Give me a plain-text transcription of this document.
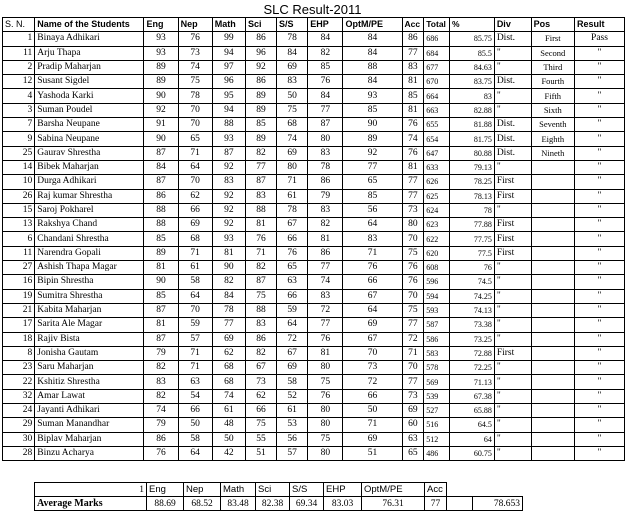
SLC Result-2011
S. N.	Name of the Students	Eng	Nep	Math	Sci	S/S	EHP	OptM/PE	Acc	Total	%	Div	Pos	Result
1	Binaya Adhikari	93	76	99	86	78	84	84	86	686	85.75	Dist.	First	Pass
11	Arju Thapa	93	73	94	96	84	82	84	77	684	85.5	"	Second	"
2	Pradip Maharjan	89	74	97	92	69	85	88	83	677	84.63	"	Third	"
12	Susant Sigdel	89	75	96	86	83	76	84	81	670	83.75	Dist.	Fourth	"
4	Yashoda Karki	90	78	95	89	50	84	93	85	664	83	"	Fifth	"
3	Suman Poudel	92	70	94	89	75	77	85	81	663	82.88	"	Sixth	"
7	Barsha Neupane	91	70	88	85	68	87	90	76	655	81.88	Dist.	Seventh	"
9	Sabina Neupane	90	65	93	89	74	80	89	74	654	81.75	Dist.	Eighth	"
25	Gaurav Shrestha	87	71	87	82	69	83	92	76	647	80.88	Dist.	Nineth	"
14	Bibek Maharjan	84	64	92	77	80	78	77	81	633	79.13	"		"
10	Durga Adhikari	87	70	83	87	71	86	65	77	626	78.25	First		"
26	Raj kumar Shrestha	86	62	92	83	61	79	85	77	625	78.13	First		"
15	Saroj Pokharel	88	66	92	88	78	83	56	73	624	78	"		"
13	Rakshya Chand	88	69	92	81	67	82	64	80	623	77.88	First		"
6	Chandani Shrestha	85	68	93	76	66	81	83	70	622	77.75	First		"
11	Narendra Gopali	89	71	81	71	76	86	71	75	620	77.5	First		"
27	Ashish Thapa Magar	81	61	90	82	65	77	76	76	608	76	"		"
16	Bipin Shrestha	90	58	82	87	63	74	66	76	596	74.5	"		"
19	Sumitra Shrestha	85	64	84	75	66	83	67	70	594	74.25	"		"
21	Kabita Maharjan	87	70	78	88	59	72	64	75	593	74.13	"		"
17	Sarita Ale Magar	81	59	77	83	64	77	69	77	587	73.38	"		"
18	Rajiv Bista	87	57	69	86	72	76	67	72	586	73.25	"		"
8	Jonisha Gautam	79	71	62	82	67	81	70	71	583	72.88	First		"
23	Saru Maharjan	82	71	68	67	69	80	73	70	578	72.25	"		"
22	Kshitiz Shrestha	83	63	68	73	58	75	72	77	569	71.13	"		"
32	Amar Lawat	82	54	74	62	52	76	66	73	539	67.38	"		"
24	Jayanti Adhikari	74	66	61	66	61	80	50	69	527	65.88	"		"
29	Suman Manandhar	79	50	48	75	53	80	71	60	516	64.5	"		"
30	Biplav Maharjan	86	58	50	55	56	75	69	63	512	64	"		"
28	Binzu Acharya	76	64	42	51	57	80	51	65	486	60.75	"		"
1	Eng	Nep	Math	Sci	S/S	EHP	OptM/PE	Acc		
Average Marks	88.69	68.52	83.48	82.38	69.34	83.03	76.31	77		78.653
